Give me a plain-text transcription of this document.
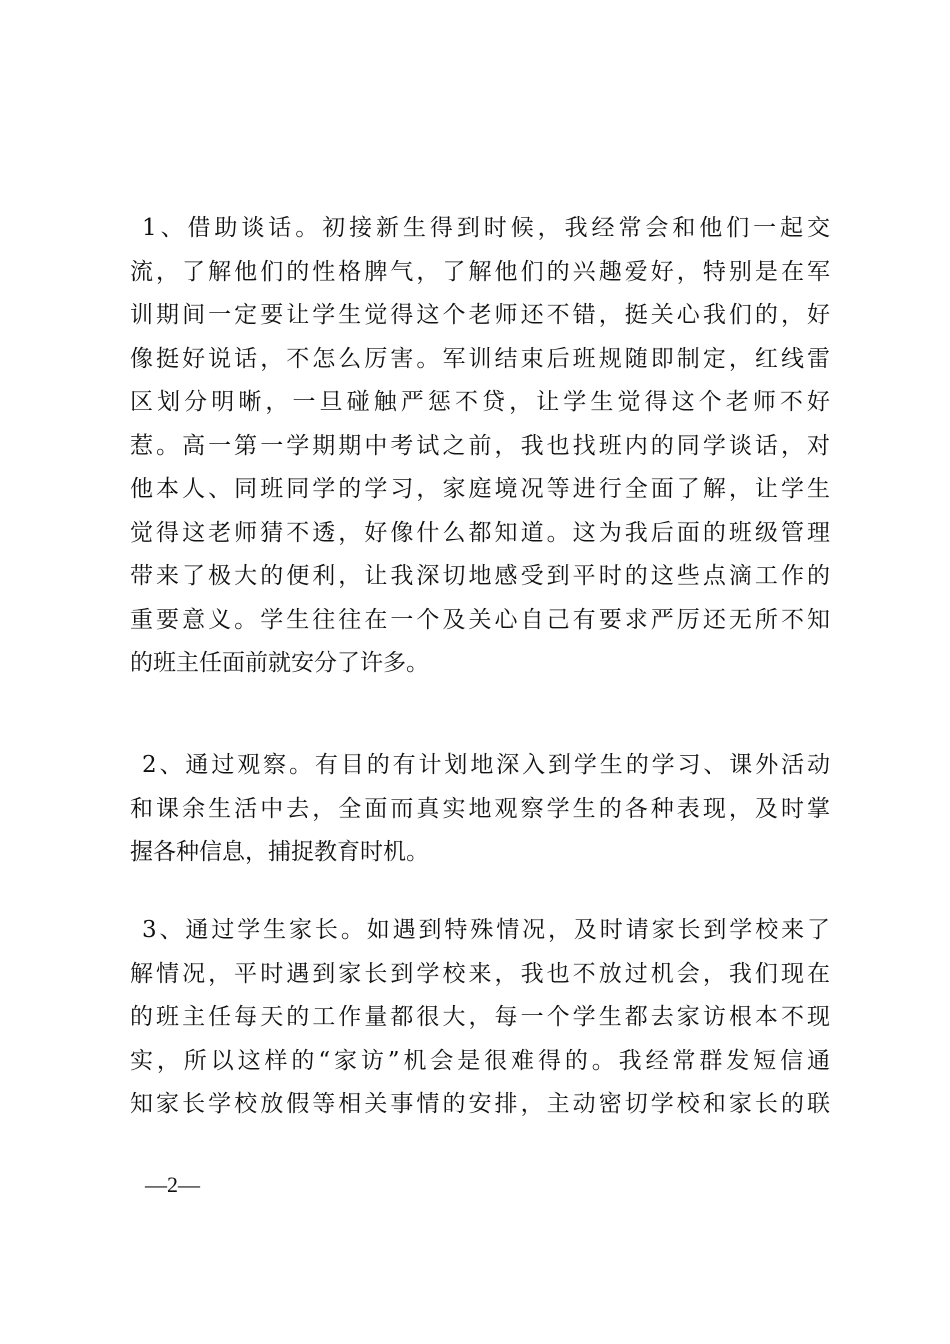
1、借助谈话。初接新生得到时候，我经常会和他们一起交
流，了解他们的性格脾气，了解他们的兴趣爱好，特别是在军
训期间一定要让学生觉得这个老师还不错，挺关心我们的，好
像挺好说话，不怎么厉害。军训结束后班规随即制定，红线雷
区划分明晰，一旦碰触严惩不贷，让学生觉得这个老师不好
惹。高一第一学期期中考试之前，我也找班内的同学谈话，对
他本人、同班同学的学习，家庭境况等进行全面了解，让学生
觉得这老师猜不透，好像什么都知道。这为我后面的班级管理
带来了极大的便利，让我深切地感受到平时的这些点滴工作的
重要意义。学生往往在一个及关心自己有要求严厉还无所不知
的班主任面前就安分了许多。
2、通过观察。有目的有计划地深入到学生的学习、课外活动
和课余生活中去，全面而真实地观察学生的各种表现，及时掌
握各种信息，捕捉教育时机。
3、通过学生家长。如遇到特殊情况，及时请家长到学校来了
解情况，平时遇到家长到学校来，我也不放过机会，我们现在
的班主任每天的工作量都很大，每一个学生都去家访根本不现
实，所以这样的“家访”机会是很难得的。我经常群发短信通
知家长学校放假等相关事情的安排，主动密切学校和家长的联
—2—
